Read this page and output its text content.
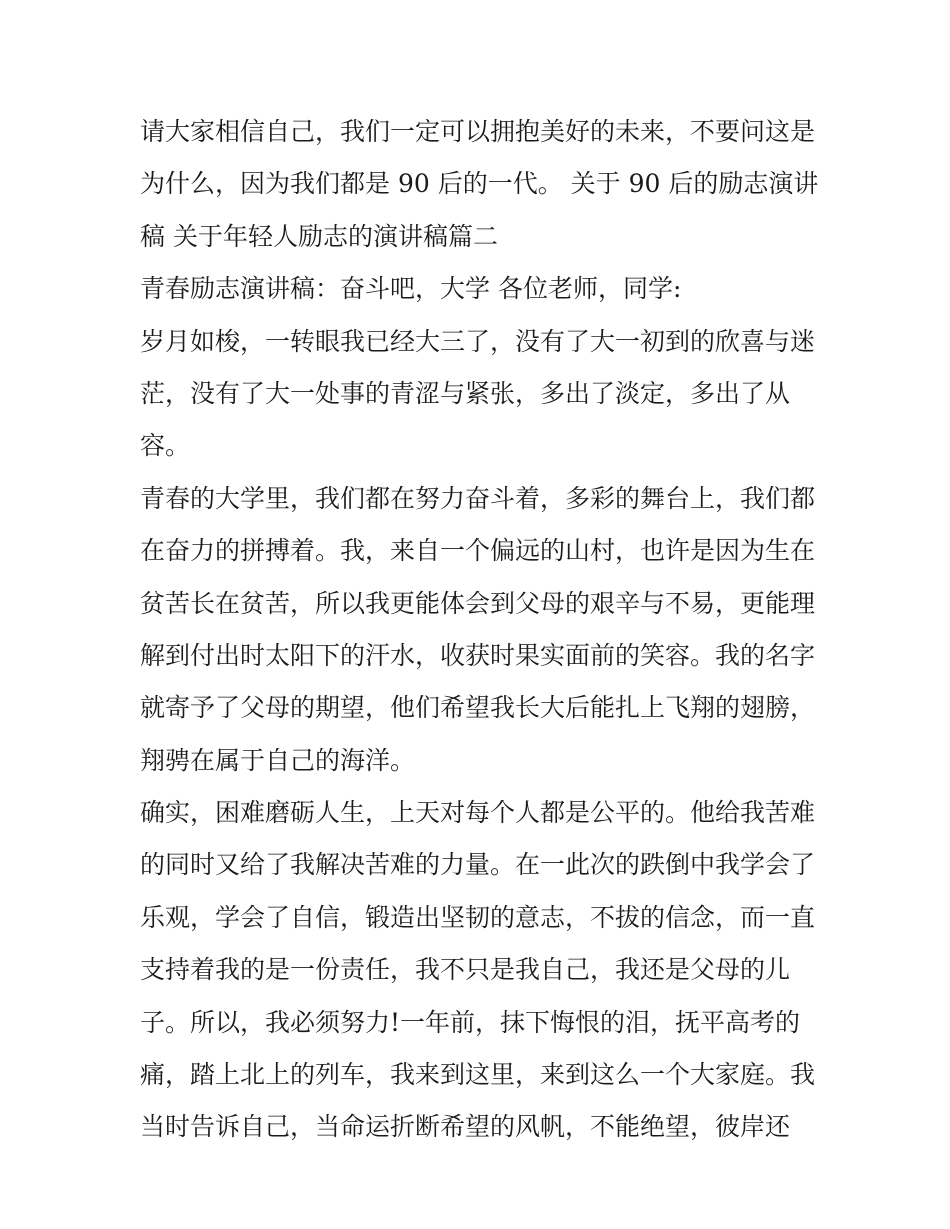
请大家相信自己，我们一定可以拥抱美好的未来，不要问这是
为什么，因为我们都是 90 后的一代。 关于 90 后的励志演讲
稿 关于年轻人励志的演讲稿篇二
青春励志演讲稿：奋斗吧，大学 各位老师，同学:
岁月如梭，一转眼我已经大三了，没有了大一初到的欣喜与迷
茫，没有了大一处事的青涩与紧张，多出了淡定，多出了从
容。
青春的大学里，我们都在努力奋斗着，多彩的舞台上，我们都
在奋力的拼搏着。我，来自一个偏远的山村，也许是因为生在
贫苦长在贫苦，所以我更能体会到父母的艰辛与不易，更能理
解到付出时太阳下的汗水，收获时果实面前的笑容。我的名字
就寄予了父母的期望，他们希望我长大后能扎上飞翔的翅膀，
翔骋在属于自己的海洋。
确实，困难磨砺人生，上天对每个人都是公平的。他给我苦难
的同时又给了我解决苦难的力量。在一此次的跌倒中我学会了
乐观，学会了自信，锻造出坚韧的意志，不拔的信念，而一直
支持着我的是一份责任，我不只是我自己，我还是父母的儿
子。所以，我必须努力!一年前，抹下悔恨的泪，抚平高考的
痛，踏上北上的列车，我来到这里，来到这么一个大家庭。我
当时告诉自己，当命运折断希望的风帆，不能绝望，彼岸还
